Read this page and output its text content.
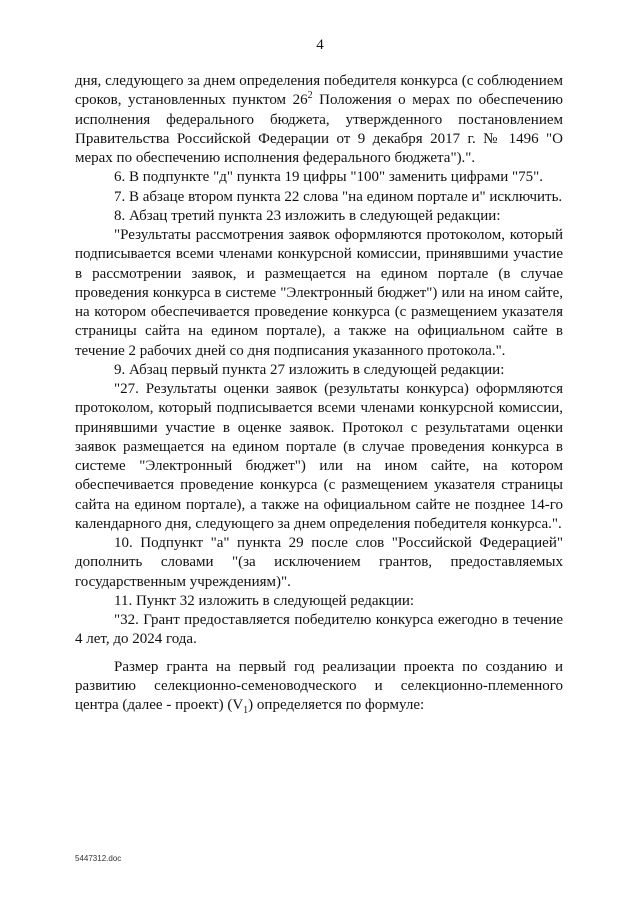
4

дня, следующего за днем определения победителя конкурса (с соблюдением сроков, установленных пунктом $26^2$ Положения о мерах по обеспечению исполнения федерального бюджета, утвержденного постановлением Правительства Российской Федерации от 9 декабря 2017 г. № 1496 "О мерах по обеспечению исполнения федерального бюджета").".

6. В подпункте "д" пункта 19 цифры "100" заменить цифрами "75".

7. В абзаце втором пункта 22 слова "на едином портале и" исключить.

8. Абзац третий пункта 23 изложить в следующей редакции:

"Результаты рассмотрения заявок оформляются протоколом, который подписывается всеми членами конкурсной комиссии, принявшими участие в рассмотрении заявок, и размещается на едином портале (в случае проведения конкурса в системе "Электронный бюджет") или на ином сайте, на котором обеспечивается проведение конкурса (с размещением указателя страницы сайта на едином портале), а также на официальном сайте в течение 2 рабочих дней со дня подписания указанного протокола.".

9. Абзац первый пункта 27 изложить в следующей редакции:

"27. Результаты оценки заявок (результаты конкурса) оформляются протоколом, который подписывается всеми членами конкурсной комиссии, принявшими участие в оценке заявок. Протокол с результатами оценки заявок размещается на едином портале (в случае проведения конкурса в системе "Электронный бюджет") или на ином сайте, на котором обеспечивается проведение конкурса (с размещением указателя страницы сайта на едином портале), а также на официальном сайте не позднее 14-го календарного дня, следующего за днем определения победителя конкурса.".

10. Подпункт "а" пункта 29 после слов "Российской Федерацией" дополнить словами "(за исключением грантов, предоставляемых государственным учреждениям)".

11. Пункт 32 изложить в следующей редакции:

"32. Грант предоставляется победителю конкурса ежегодно в течение 4 лет, до 2024 года.

Размер гранта на первый год реализации проекта по созданию и развитию селекционно-семеноводческого и селекционно-племенного центра (далее - проект) $(V_1)$ определяется по формуле:

5447312.doc
